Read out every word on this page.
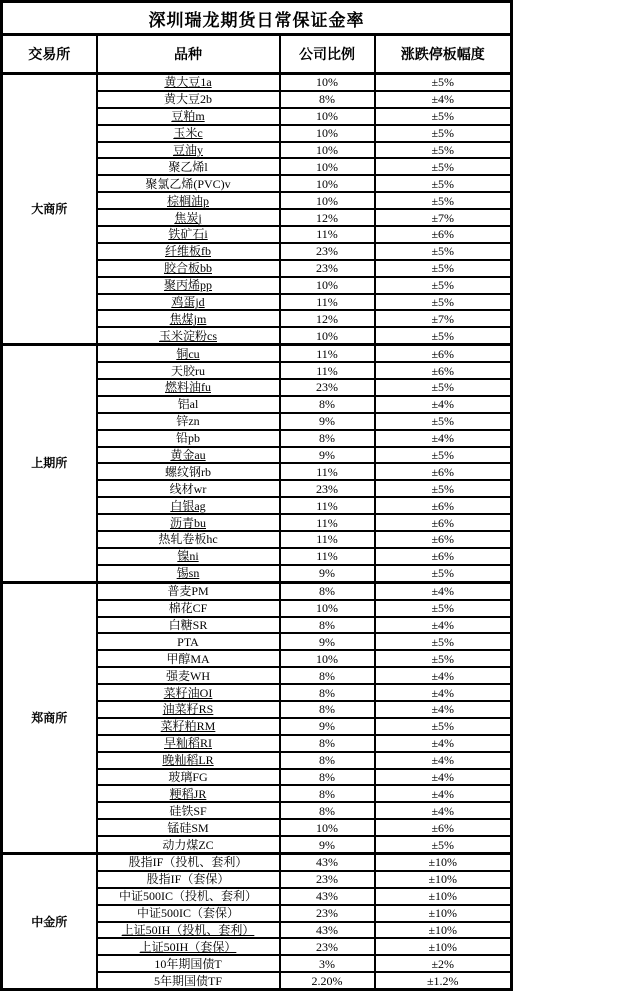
深圳瑞龙期货日常保证金率			
交易所	品种	公司比例	涨跌停板幅度
大商所	黄大豆1a	10%	±5%
	黄大豆2b	8%	±4%
	豆粕m	10%	±5%
	玉米c	10%	±5%
	豆油y	10%	±5%
	聚乙烯l	10%	±5%
	聚氯乙烯(PVC)v	10%	±5%
	棕榈油p	10%	±5%
	焦炭j	12%	±7%
	铁矿石i	11%	±6%
	纤维板fb	23%	±5%
	胶合板bb	23%	±5%
	聚丙烯pp	10%	±5%
	鸡蛋jd	11%	±5%
	焦煤jm	12%	±7%
	玉米淀粉cs	10%	±5%
上期所	铜cu	11%	±6%
	天胶ru	11%	±6%
	燃料油fu	23%	±5%
	铝al	8%	±4%
	锌zn	9%	±5%
	铅pb	8%	±4%
	黄金au	9%	±5%
	螺纹钢rb	11%	±6%
	线材wr	23%	±5%
	白银ag	11%	±6%
	沥青bu	11%	±6%
	热轧卷板hc	11%	±6%
	镍ni	11%	±6%
	锡sn	9%	±5%
郑商所	普麦PM	8%	±4%
	棉花CF	10%	±5%
	白糖SR	8%	±4%
	PTA	9%	±5%
	甲醇MA	10%	±5%
	强麦WH	8%	±4%
	菜籽油OI	8%	±4%
	油菜籽RS	8%	±4%
	菜籽粕RM	9%	±5%
	早籼稻RI	8%	±4%
	晚籼稻LR	8%	±4%
	玻璃FG	8%	±4%
	粳稻JR	8%	±4%
	硅铁SF	8%	±4%
	锰硅SM	10%	±6%
	动力煤ZC	9%	±5%
中金所	股指IF（投机、套利）	43%	±10%
	股指IF（套保）	23%	±10%
	中证500IC（投机、套利）	43%	±10%
	中证500IC（套保）	23%	±10%
	上证50IH（投机、套利）	43%	±10%
	上证50IH（套保）	23%	±10%
	10年期国债T	3%	±2%
	5年期国债TF	2.20%	±1.2%
